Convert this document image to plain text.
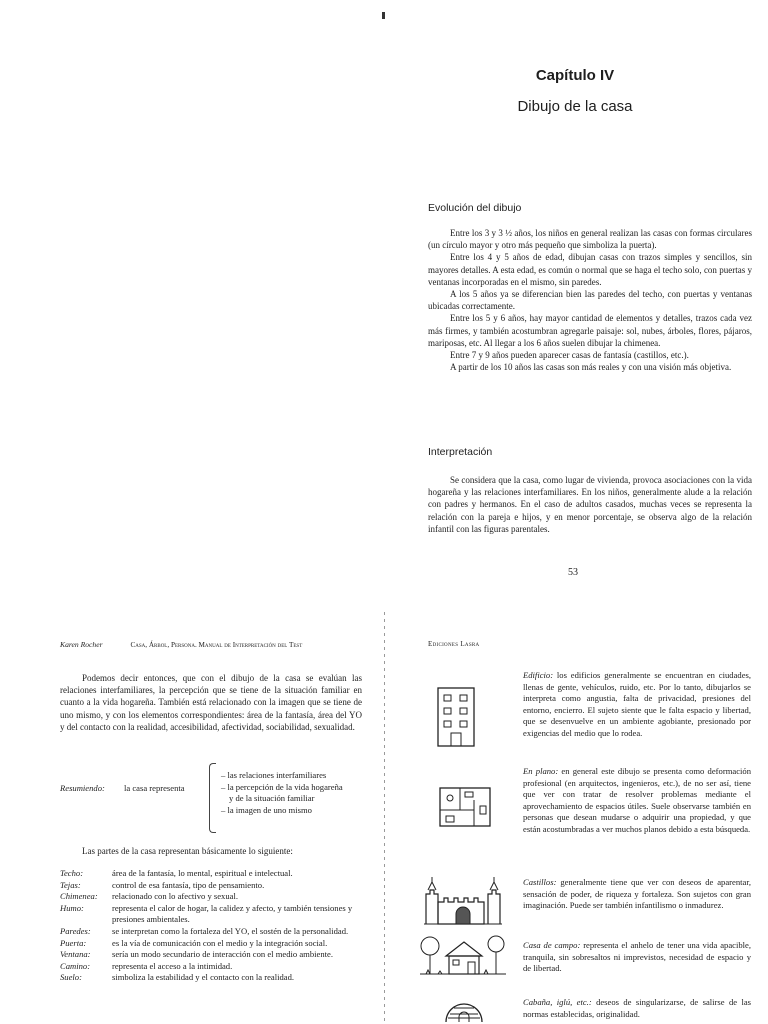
Capítulo IV
Dibujo de la casa
Evolución del dibujo

Entre los 3 y 3 ½ años, los niños en general realizan las casas con formas circulares (un círculo mayor y otro más pequeño que simboliza la puerta).

Entre los 4 y 5 años de edad, dibujan casas con trazos simples y sencillos, sin mayores detalles. A esta edad, es común o normal que se haga el techo solo, con puertas y ventanas incorporadas en el mismo, sin paredes.

A los 5 años ya se diferencian bien las paredes del techo, con puertas y ventanas ubicadas correctamente.

Entre los 5 y 6 años, hay mayor cantidad de elementos y detalles, trazos cada vez más firmes, y también acostumbran agregarle paisaje: sol, nubes, árboles, flores, pájaros, mariposas, etc. Al llegar a los 6 años suelen dibujar la chimenea.

Entre 7 y 9 años pueden aparecer casas de fantasía (castillos, etc.).

A partir de los 10 años las casas son más reales y con una visión más objetiva.

Interpretación

Se considera que la casa, como lugar de vivienda, provoca asociaciones con la vida hogareña y las relaciones interfamiliares. En los niños, generalmente alude a la relación con padres y hermanos. En el caso de adultos casados, muchas veces se representa la relación con la pareja e hijos, y en menor porcentaje, se observa algo de la relación infantil con las figuras parentales.

53
Karen Rocher	Casa, Árbol, Persona. Manual de Interpretación del Test

Podemos decir entonces, que con el dibujo de la casa se evalúan las relaciones interfamiliares, la percepción que se tiene de la situación familiar en cuanto a la vida hogareña. También está relacionado con la imagen que se tiene de uno mismo, y con los elementos correspondientes: área de la fantasía, área del YO y del contacto con la realidad, accesibilidad, afectividad, sociabilidad, sexualidad.

Resumiendo: la casa representa
– las relaciones interfamiliares
– la percepción de la vida hogareña
y de la situación familiar
– la imagen de uno mismo
Las partes de la casa representan básicamente lo siguiente:
Techo:	área de la fantasía, lo mental, espiritual e intelectual.
Tejas:	control de esa fantasía, tipo de pensamiento.
Chimenea:	relacionado con lo afectivo y sexual.
Humo:	representa el calor de hogar, la calidez y afecto, y también tensiones y presiones ambientales.
Paredes:	se interpretan como la fortaleza del YO, el sostén de la personalidad.
Puerta:	es la vía de comunicación con el medio y la integración social.
Ventana:	sería un modo secundario de interacción con el medio ambiente.
Camino:	representa el acceso a la intimidad.
Suelo:	simboliza la estabilidad y el contacto con la realidad.
Ediciones Lasra
Edificio: los edificios generalmente se encuentran en ciudades, llenas de gente, vehículos, ruido, etc. Por lo tanto, dibujarlos se interpreta como angustia, falta de privacidad, presiones del entorno, encierro. El sujeto siente que le falta espacio y libertad, que se desenvuelve en un ambiente agobiante, presionado por exigencias del medio que lo rodea.
En plano: en general este dibujo se presenta como deformación profesional (en arquitectos, ingenieros, etc.), de no ser así, tiene que ver con tratar de resolver problemas mediante el aprovechamiento de espacios útiles. Suele observarse también en personas que desean mudarse o adquirir una propiedad, y que están acostumbradas a ver muchos planos debido a esta búsqueda.
Castillos: generalmente tiene que ver con deseos de aparentar, sensación de poder, de riqueza y fortaleza. Son sujetos con gran imaginación. Puede ser también infantilismo o inmadurez.
Casa de campo: representa el anhelo de tener una vida apacible, tranquila, sin sobresaltos ni imprevistos, necesidad de espacio y de libertad.
Cabaña, iglú, etc.: deseos de singularizarse, de salirse de las normas establecidas, originalidad.
